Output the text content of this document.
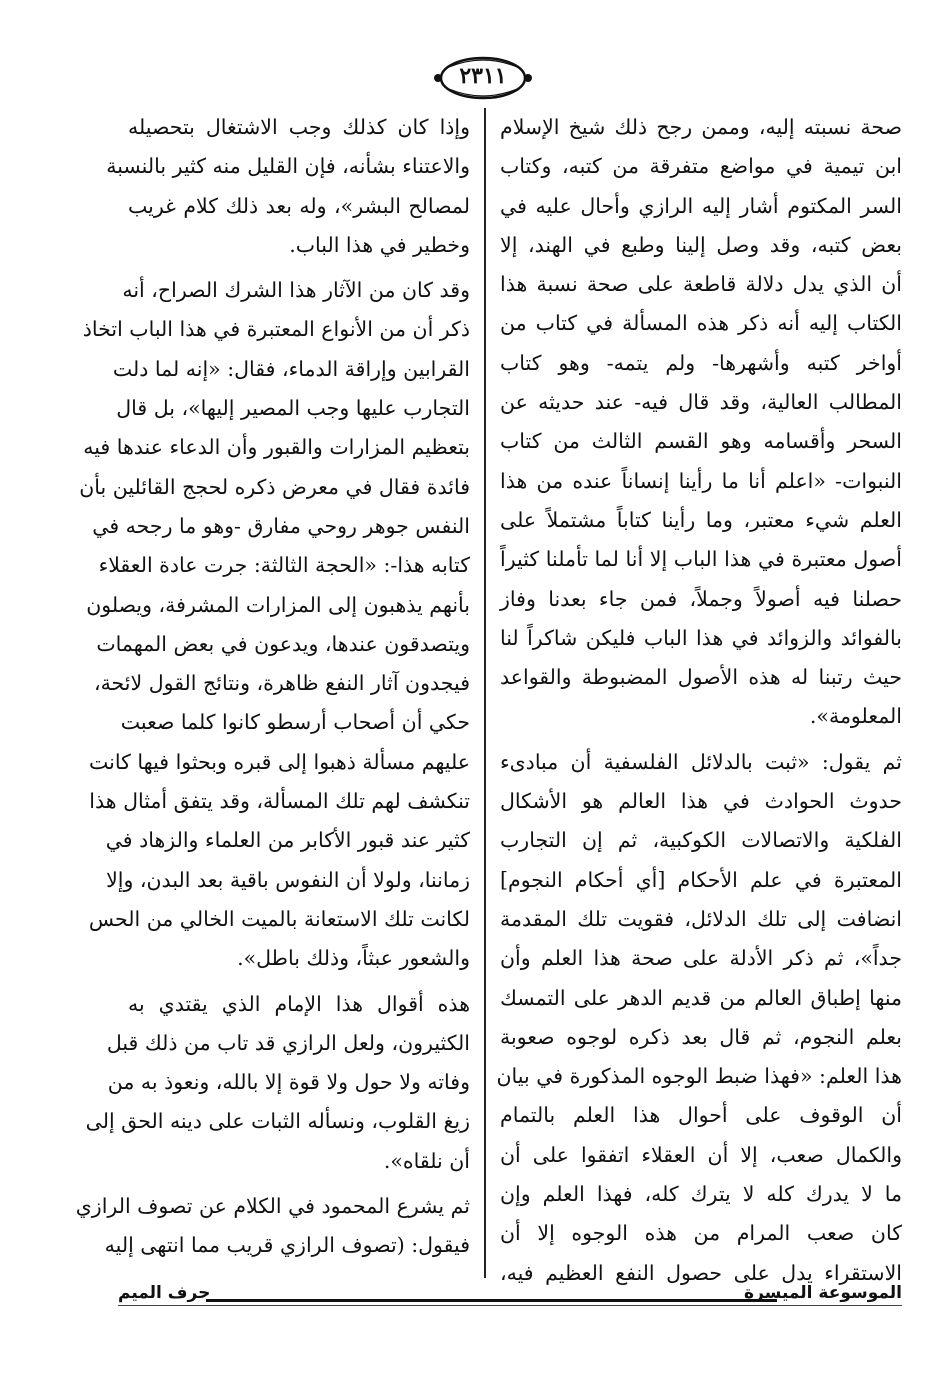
٢٣١١
صحة نسبته إليه، وممن رجح ذلك شيخ الإسلام
ابن تيمية في مواضع متفرقة من كتبه، وكتاب
السر المكتوم أشار إليه الرازي وأحال عليه في
بعض كتبه، وقد وصل إلينا وطبع في الهند، إلا
أن الذي يدل دلالة قاطعة على صحة نسبة هذا
الكتاب إليه أنه ذكر هذه المسألة في كتاب من
أواخر كتبه وأشهرها- ولم يتمه- وهو كتاب
المطالب العالية، وقد قال فيه- عند حديثه عن
السحر وأقسامه وهو القسم الثالث من كتاب
النبوات- «اعلم أنا ما رأينا إنساناً عنده من هذا
العلم شيء معتبر، وما رأينا كتاباً مشتملاً على
أصول معتبرة في هذا الباب إلا أنا لما تأملنا كثيراً
حصلنا فيه أصولاً وجملاً، فمن جاء بعدنا وفاز
بالفوائد والزوائد في هذا الباب فليكن شاكراً لنا
حيث رتبنا له هذه الأصول المضبوطة والقواعد
المعلومة».
ثم يقول: «ثبت بالدلائل الفلسفية أن مبادىء
حدوث الحوادث في هذا العالم هو الأشكال
الفلكية والاتصالات الكوكبية، ثم إن التجارب
المعتبرة في علم الأحكام [أي أحكام النجوم]
انضافت إلى تلك الدلائل، فقويت تلك المقدمة
جداً»، ثم ذكر الأدلة على صحة هذا العلم وأن
منها إطباق العالم من قديم الدهر على التمسك
بعلم النجوم، ثم قال بعد ذكره لوجوه صعوبة
هذا العلم: «فهذا ضبط الوجوه المذكورة في بيان
أن الوقوف على أحوال هذا العلم بالتمام
والكمال صعب، إلا أن العقلاء اتفقوا على أن
ما لا يدرك كله لا يترك كله، فهذا العلم وإن
كان صعب المرام من هذه الوجوه إلا أن
الاستقراء يدل على حصول النفع العظيم فيه،
وإذا كان كذلك وجب الاشتغال بتحصيله
والاعتناء بشأنه، فإن القليل منه كثير بالنسبة
لمصالح البشر»، وله بعد ذلك كلام غريب
وخطير في هذا الباب.
وقد كان من الآثار هذا الشرك الصراح، أنه
ذكر أن من الأنواع المعتبرة في هذا الباب اتخاذ
القرابين وإراقة الدماء، فقال: «إنه لما دلت
التجارب عليها وجب المصير إليها»، بل قال
بتعظيم المزارات والقبور وأن الدعاء عندها فيه
فائدة فقال في معرض ذكره لحجج القائلين بأن
النفس جوهر روحي مفارق -وهو ما رجحه في
كتابه هذا-: «الحجة الثالثة: جرت عادة العقلاء
بأنهم يذهبون إلى المزارات المشرفة، ويصلون
ويتصدقون عندها، ويدعون في بعض المهمات
فيجدون آثار النفع ظاهرة، ونتائج القول لائحة،
حكي أن أصحاب أرسطو كانوا كلما صعبت
عليهم مسألة ذهبوا إلى قبره وبحثوا فيها كانت
تنكشف لهم تلك المسألة، وقد يتفق أمثال هذا
كثير عند قبور الأكابر من العلماء والزهاد في
زماننا، ولولا أن النفوس باقية بعد البدن، وإلا
لكانت تلك الاستعانة بالميت الخالي من الحس
والشعور عبثاً، وذلك باطل».
هذه أقوال هذا الإمام الذي يقتدي به
الكثيرون، ولعل الرازي قد تاب من ذلك قبل
وفاته ولا حول ولا قوة إلا بالله، ونعوذ به من
زيغ القلوب، ونسأله الثبات على دينه الحق إلى
أن نلقاه».
ثم يشرع المحمود في الكلام عن تصوف الرازي
فيقول: (تصوف الرازي قريب مما انتهى إليه
الموسوعة الميسرة
حرف الميم
